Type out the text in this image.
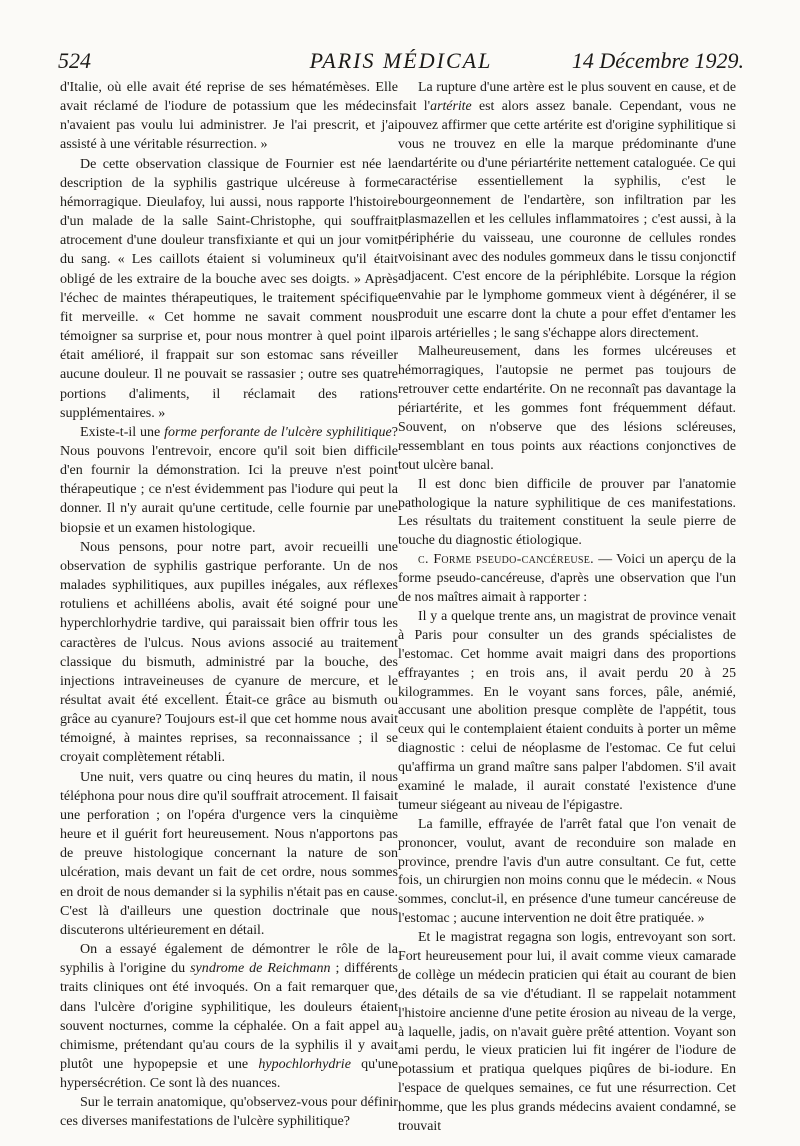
524	PARIS MÉDICAL	14 Décembre 1929.

d'Italie, où elle avait été reprise de ses hématémèses. Elle avait réclamé de l'iodure de potassium que les médecins n'avaient pas voulu lui administrer. Je l'ai prescrit, et j'ai assisté à une véritable résurrection. »

De cette observation classique de Fournier est née la description de la syphilis gastrique ulcéreuse à forme hémorragique. Dieulafoy, lui aussi, nous rapporte l'histoire d'un malade de la salle Saint-Christophe, qui souffrait atrocement d'une douleur transfixiante et qui un jour vomit du sang. « Les caillots étaient si volumineux qu'il était obligé de les extraire de la bouche avec ses doigts. » Après l'échec de maintes thérapeutiques, le traitement spécifique fit merveille. « Cet homme ne savait comment nous témoigner sa surprise et, pour nous montrer à quel point il était amélioré, il frappait sur son estomac sans réveiller aucune douleur. Il ne pouvait se rassasier ; outre ses quatre portions d'aliments, il réclamait des rations supplémentaires. »

Existe-t-il une forme perforante de l'ulcère syphilitique? Nous pouvons l'entrevoir, encore qu'il soit bien difficile d'en fournir la démonstration. Ici la preuve n'est point thérapeutique ; ce n'est évidemment pas l'iodure qui peut la donner. Il n'y aurait qu'une certitude, celle fournie par une biopsie et un examen histologique.

Nous pensons, pour notre part, avoir recueilli une observation de syphilis gastrique perforante. Un de nos malades syphilitiques, aux pupilles inégales, aux réflexes rotuliens et achilléens abolis, avait été soigné pour une hyperchlorhydrie tardive, qui paraissait bien offrir tous les caractères de l'ulcus. Nous avions associé au traitement classique du bismuth, administré par la bouche, des injections intraveineuses de cyanure de mercure, et le résultat avait été excellent. Était-ce grâce au bismuth ou grâce au cyanure? Toujours est-il que cet homme nous avait témoigné, à maintes reprises, sa reconnaissance ; il se croyait complètement rétabli.

Une nuit, vers quatre ou cinq heures du matin, il nous téléphona pour nous dire qu'il souffrait atrocement. Il faisait une perforation ; on l'opéra d'urgence vers la cinquième heure et il guérit fort heureusement. Nous n'apportons pas de preuve histologique concernant la nature de son ulcération, mais devant un fait de cet ordre, nous sommes en droit de nous demander si la syphilis n'était pas en cause. C'est là d'ailleurs une question doctrinale que nous discuterons ultérieurement en détail.

On a essayé également de démontrer le rôle de la syphilis à l'origine du syndrome de Reichmann ; différents traits cliniques ont été invoqués. On a fait remarquer que, dans l'ulcère d'origine syphilitique, les douleurs étaient souvent nocturnes, comme la céphalée. On a fait appel au chimisme, prétendant qu'au cours de la syphilis il y avait plutôt une hypopepsie et une hypochlorhydrie qu'une hypersécrétion. Ce sont là des nuances.

Sur le terrain anatomique, qu'observez-vous pour définir ces diverses manifestations de l'ulcère syphilitique?

La rupture d'une artère est le plus souvent en cause, et de fait l'artérite est alors assez banale. Cependant, vous ne pouvez affirmer que cette artérite est d'origine syphilitique si vous ne trouvez en elle la marque prédominante d'une endartérite ou d'une périartérite nettement cataloguée. Ce qui caractérise essentiellement la syphilis, c'est le bourgeonnement de l'endartère, son infiltration par les plasmazellen et les cellules inflammatoires ; c'est aussi, à la périphérie du vaisseau, une couronne de cellules rondes voisinant avec des nodules gommeux dans le tissu conjonctif adjacent. C'est encore de la périphlébite. Lorsque la région envahie par le lymphome gommeux vient à dégénérer, il se produit une escarre dont la chute a pour effet d'entamer les parois artérielles ; le sang s'échappe alors directement.

Malheureusement, dans les formes ulcéreuses et hémorragiques, l'autopsie ne permet pas toujours de retrouver cette endartérite. On ne reconnaît pas davantage la périartérite, et les gommes font fréquemment défaut. Souvent, on n'observe que des lésions scléreuses, ressemblant en tous points aux réactions conjonctives de tout ulcère banal.

Il est donc bien difficile de prouver par l'anatomie pathologique la nature syphilitique de ces manifestations. Les résultats du traitement constituent la seule pierre de touche du diagnostic étiologique.

c. Forme pseudo-cancéreuse. — Voici un aperçu de la forme pseudo-cancéreuse, d'après une observation que l'un de nos maîtres aimait à rapporter :

Il y a quelque trente ans, un magistrat de province venait à Paris pour consulter un des grands spécialistes de l'estomac. Cet homme avait maigri dans des proportions effrayantes ; en trois ans, il avait perdu 20 à 25 kilogrammes. En le voyant sans forces, pâle, anémié, accusant une abolition presque complète de l'appétit, tous ceux qui le contemplaient étaient conduits à porter un même diagnostic : celui de néoplasme de l'estomac. Ce fut celui qu'affirma un grand maître sans palper l'abdomen. S'il avait examiné le malade, il aurait constaté l'existence d'une tumeur siégeant au niveau de l'épigastre.

La famille, effrayée de l'arrêt fatal que l'on venait de prononcer, voulut, avant de reconduire son malade en province, prendre l'avis d'un autre consultant. Ce fut, cette fois, un chirurgien non moins connu que le médecin. « Nous sommes, conclut-il, en présence d'une tumeur cancéreuse de l'estomac ; aucune intervention ne doit être pratiquée. »

Et le magistrat regagna son logis, entrevoyant son sort. Fort heureusement pour lui, il avait comme vieux camarade de collège un médecin praticien qui était au courant de bien des détails de sa vie d'étudiant. Il se rappelait notamment l'histoire ancienne d'une petite érosion au niveau de la verge, à laquelle, jadis, on n'avait guère prêté attention. Voyant son ami perdu, le vieux praticien lui fit ingérer de l'iodure de potassium et pratiqua quelques piqûres de bi-iodure. En l'espace de quelques semaines, ce fut une résurrection. Cet homme, que les plus grands médecins avaient condamné, se trouvait
